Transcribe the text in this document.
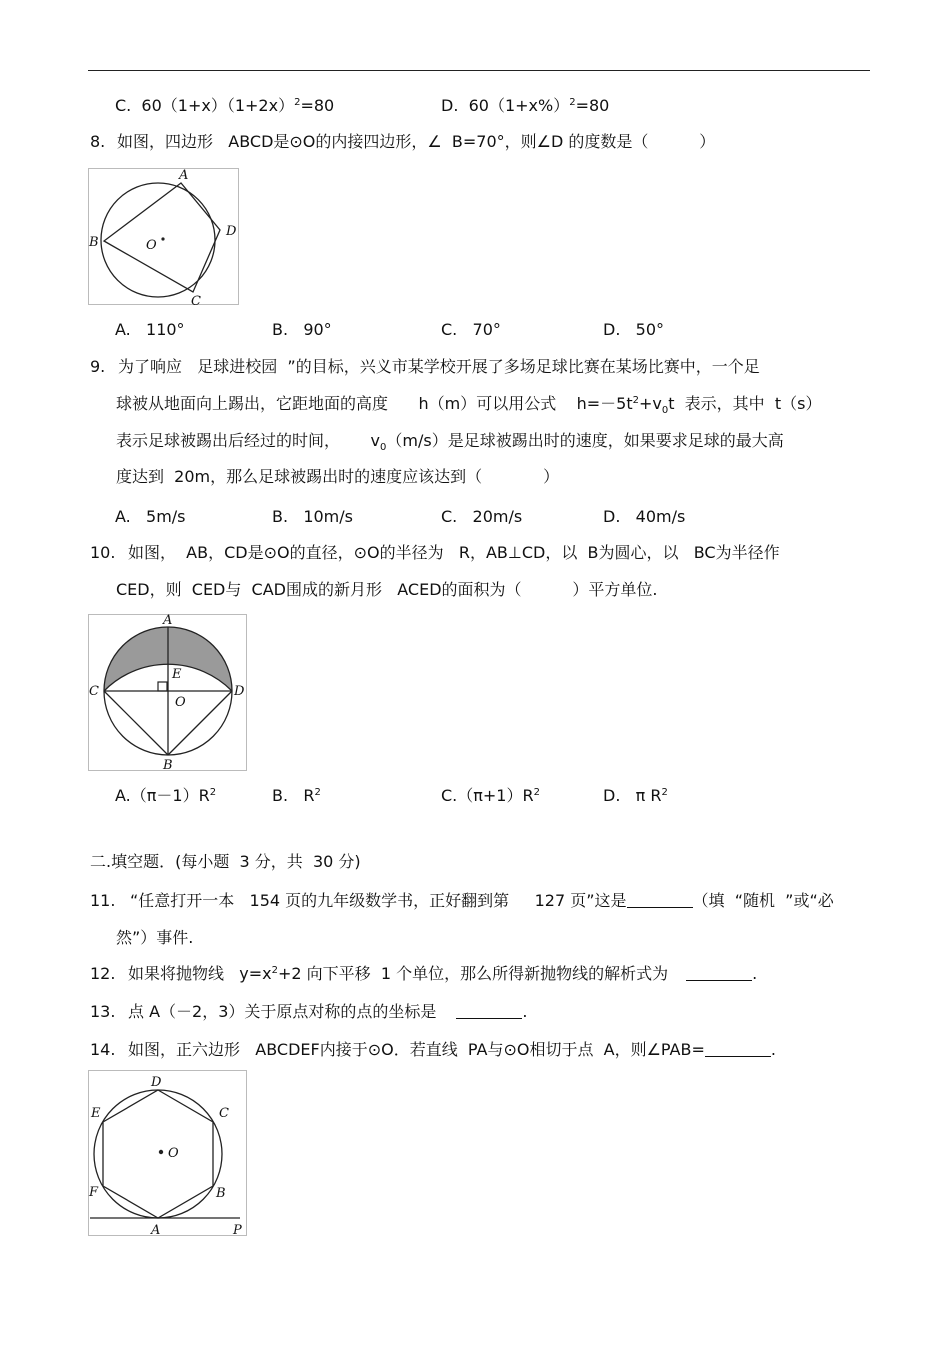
C.  $60(1+x)(1+2x)^2=80$	D.  $60(1+x\%)^2=80$
8. 如图，四边形   ABCD是⊙O的内接四边形，∠  B=70°，则∠D 的度数是（          ）
A
B
C
D
O
A.   110°	B.   90°	C.   70°	D.   50°
9. 为了响应   足球进校园  ”的目标，兴义市某学校开展了多场足球比赛在某场比赛中，一个足
球被从地面向上踢出，它距地面的高度      h（m）可以用公式    $h=-5t^2+v_0t$  表示，其中  t（s）
表示足球被踢出后经过的时间，      $v_0(m/s)$是足球被踢出时的速度，如果要求足球的最大高
度达到  20m，那么足球被踢出时的速度应该达到（            ）
A.   5m/s	B.   10m/s	C.   20m/s	D.   40m/s
10. 如图，  AB，CD是⊙O的直径，⊙O的半径为   R，AB⊥CD，以  B为圆心，以   BC为半径作
CED，则  CED与  CAD围成的新月形   ACED的面积为（          ）平方单位.
A
B
C	D
E
O
$A.(\pi-1)R^2$	B.   $R^2$	$C.(\pi+1)R^2$	D.   π $R^2$
二.填空题．(每小题  3 分，共  30 分)
11. “任意打开一本   154 页的九年级数学书，正好翻到第     127 页”这是	（填  “随机  ”或“必
然”）事件.
12. 如果将抛物线   $y=x^2+2$ 向下平移  1 个单位，那么所得新抛物线的解析式为	.
13. 点 A（－2，3）关于原点对称的点的坐标是	.
14. 如图，正六边形   ABCDEF内接于⊙O．若直线  PA与⊙O相切于点  A，则∠PAB=	.
D
C
E
O
F	B
A	P
